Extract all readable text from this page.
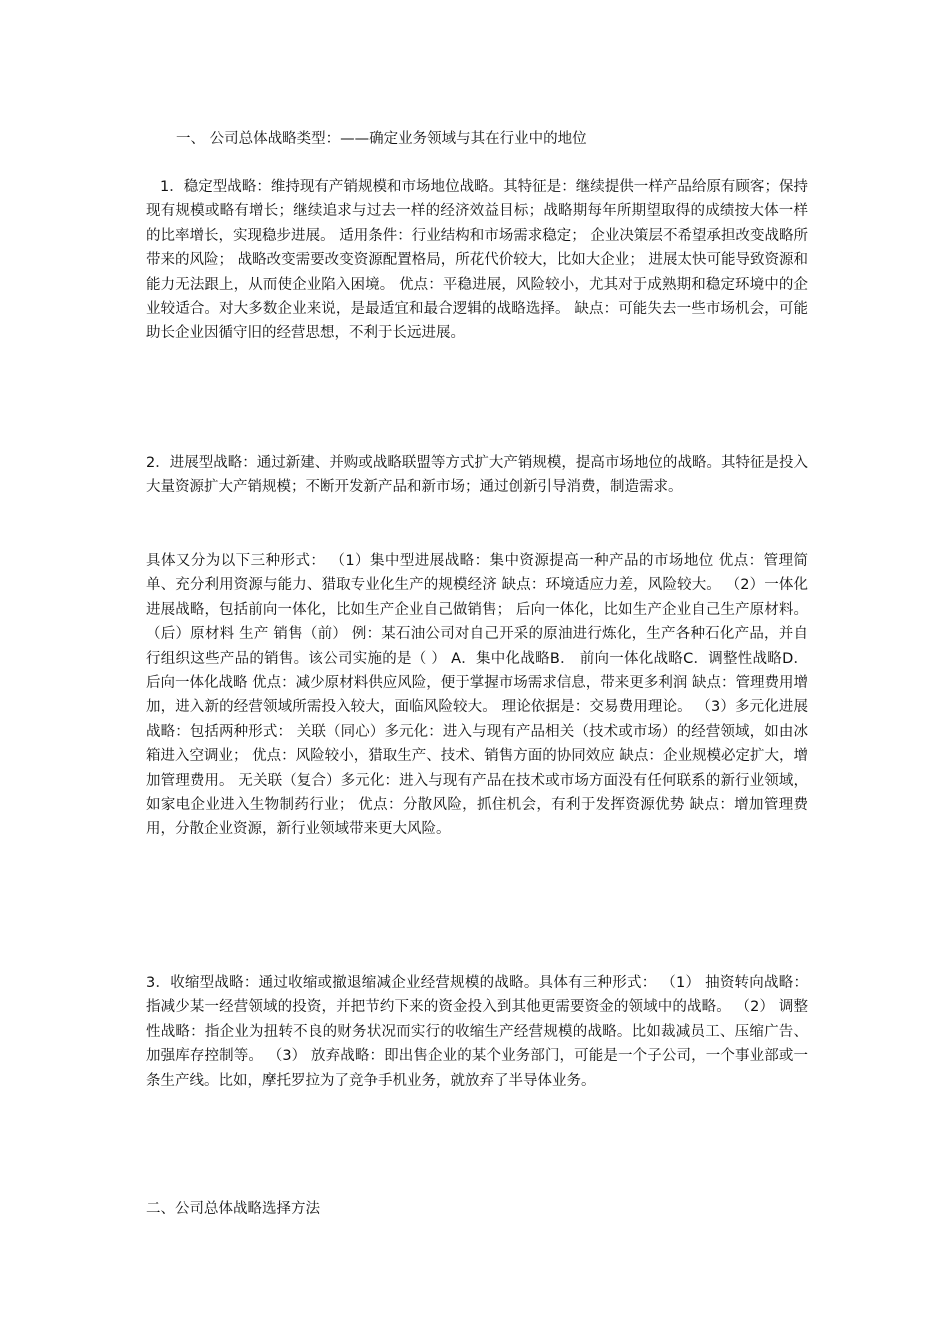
一、 公司总体战略类型：——确定业务领域与其在行业中的地位

1．稳定型战略：维持现有产销规模和市场地位战略。其特征是：继续提供一样产品给原有顾客；保持现有规模或略有增长；继续追求与过去一样的经济效益目标；战略期每年所期望取得的成绩按大体一样的比率增长，实现稳步进展。 适用条件：行业结构和市场需求稳定； 企业决策层不希望承担改变战略所带来的风险； 战略改变需要改变资源配置格局，所花代价较大，比如大企业； 进展太快可能导致资源和能力无法跟上，从而使企业陷入困境。 优点：平稳进展，风险较小，尤其对于成熟期和稳定环境中的企业较适合。对大多数企业来说，是最适宜和最合逻辑的战略选择。 缺点：可能失去一些市场机会，可能助长企业因循守旧的经营思想，不利于长远进展。

2．进展型战略：通过新建、并购或战略联盟等方式扩大产销规模，提高市场地位的战略。其特征是投入大量资源扩大产销规模；不断开发新产品和新市场；通过创新引导消费，制造需求。

具体又分为以下三种形式： （1）集中型进展战略：集中资源提高一种产品的市场地位 优点：管理简单、充分利用资源与能力、猎取专业化生产的规模经济 缺点：环境适应力差，风险较大。 （2）一体化进展战略，包括前向一体化，比如生产企业自己做销售； 后向一体化，比如生产企业自己生产原材料。 （后）原材料 生产 销售（前） 例：某石油公司对自己开采的原油进行炼化，生产各种石化产品，并自行组织这些产品的销售。该公司实施的是（ ） A．集中化战略B． 前向一体化战略C．调整性战略D．后向一体化战略 优点：减少原材料供应风险，便于掌握市场需求信息，带来更多利润 缺点：管理费用增加，进入新的经营领域所需投入较大，面临风险较大。 理论依据是：交易费用理论。 （3）多元化进展战略：包括两种形式： 关联（同心）多元化：进入与现有产品相关（技术或市场）的经营领域，如由冰箱进入空调业； 优点：风险较小，猎取生产、技术、销售方面的协同效应 缺点：企业规模必定扩大，增加管理费用。 无关联（复合）多元化：进入与现有产品在技术或市场方面没有任何联系的新行业领域，如家电企业进入生物制药行业； 优点：分散风险，抓住机会，有利于发挥资源优势 缺点：增加管理费用，分散企业资源，新行业领域带来更大风险。

3．收缩型战略：通过收缩或撤退缩减企业经营规模的战略。具体有三种形式： （1） 抽资转向战略：指减少某一经营领域的投资，并把节约下来的资金投入到其他更需要资金的领域中的战略。 （2） 调整性战略：指企业为扭转不良的财务状况而实行的收缩生产经营规模的战略。比如裁减员工、压缩广告、加强库存控制等。 （3） 放弃战略：即出售企业的某个业务部门，可能是一个子公司，一个事业部或一条生产线。比如，摩托罗拉为了竞争手机业务，就放弃了半导体业务。

二、公司总体战略选择方法
